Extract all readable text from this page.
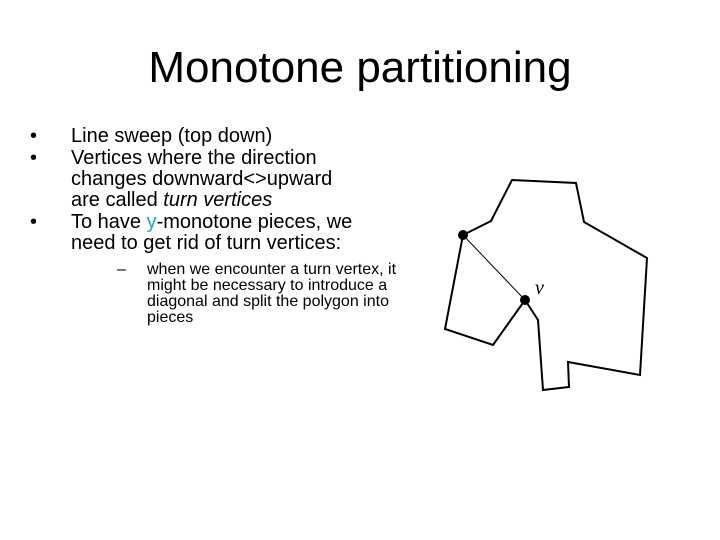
Monotone partitioning
• Line sweep (top down)
• Vertices where the direction
changes downward<>upward
are called turn vertices
• To have y-monotone pieces, we
need to get rid of turn vertices:
– when we encounter a turn vertex, it
might be necessary to introduce a
diagonal and split the polygon into
pieces
v
